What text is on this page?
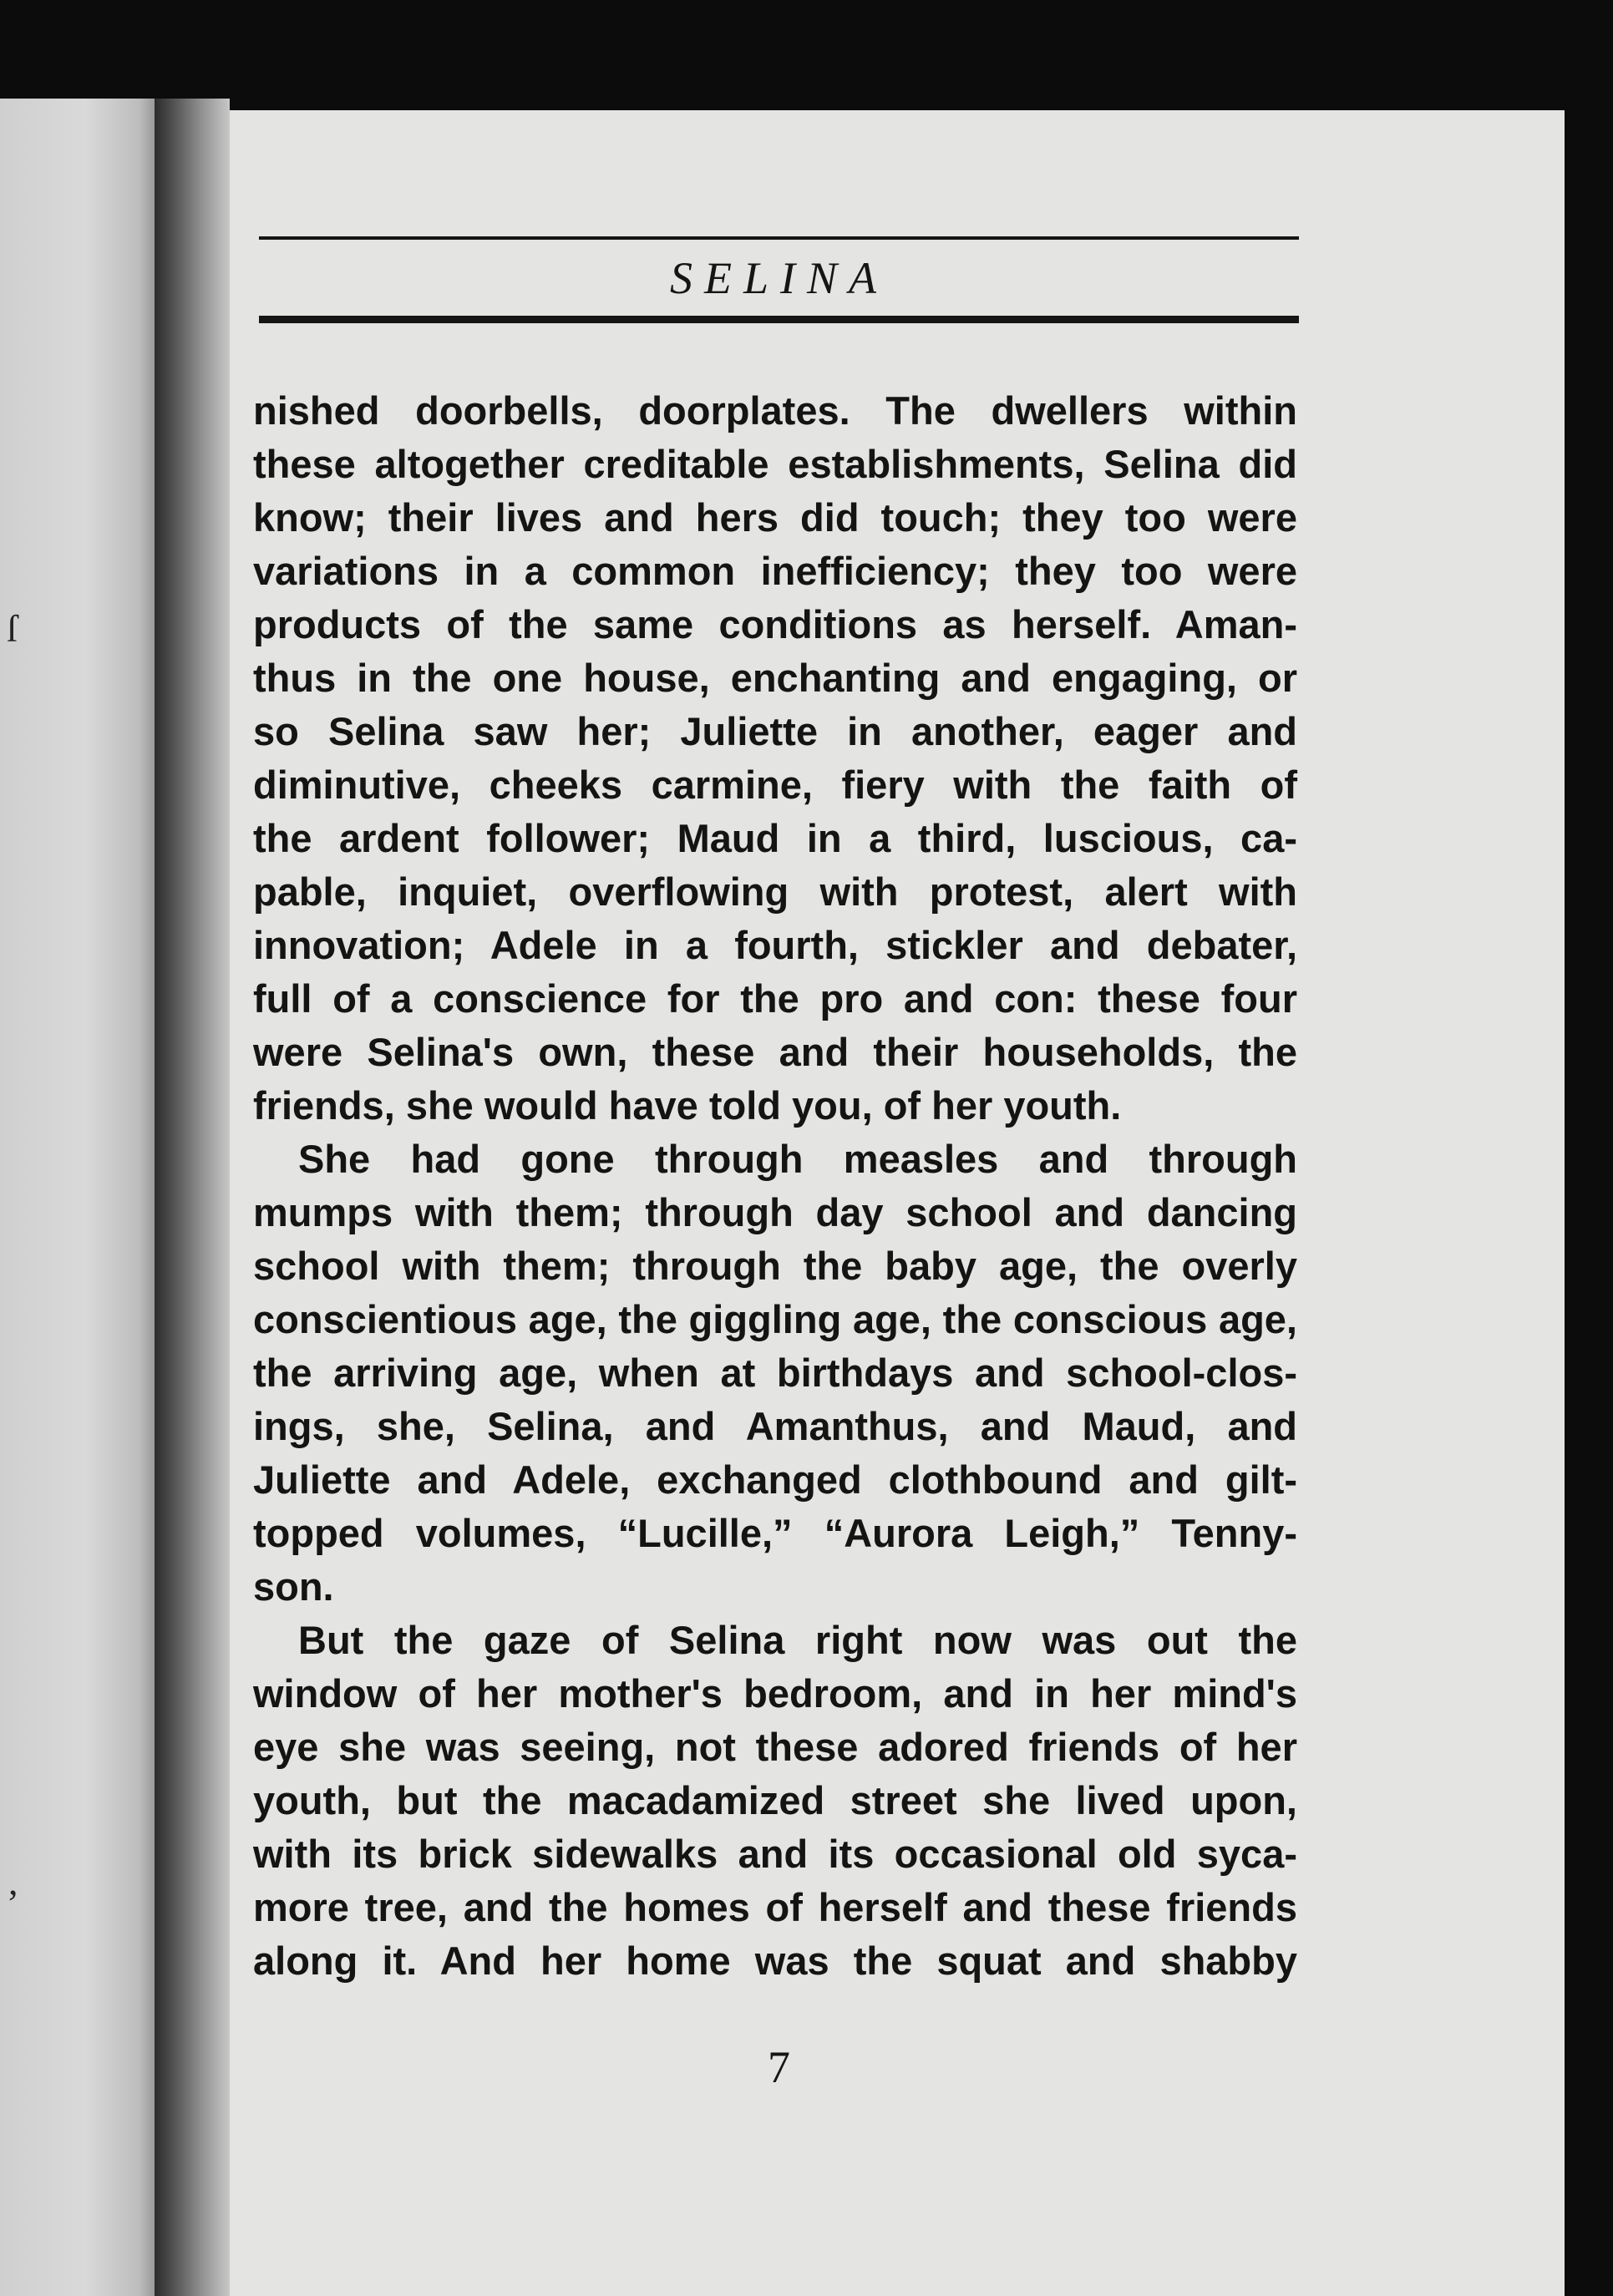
ſ
,
SELINA
nished doorbells, doorplates. The dwellers within
these altogether creditable establishments, Selina did
know; their lives and hers did touch; they too were
variations in a common inefficiency; they too were
products of the same conditions as herself. Aman-
thus in the one house, enchanting and engaging, or
so Selina saw her; Juliette in another, eager and
diminutive, cheeks carmine, fiery with the faith of
the ardent follower; Maud in a third, luscious, ca-
pable, inquiet, overflowing with protest, alert with
innovation; Adele in a fourth, stickler and debater,
full of a conscience for the pro and con: these four
were Selina's own, these and their households, the
friends, she would have told you, of her youth.
She had gone through measles and through
mumps with them; through day school and dancing
school with them; through the baby age, the overly
conscientious age, the giggling age, the conscious age,
the arriving age, when at birthdays and school-clos-
ings, she, Selina, and Amanthus, and Maud, and
Juliette and Adele, exchanged clothbound and gilt-
topped volumes, “Lucille,” “Aurora Leigh,” Tenny-
son.
But the gaze of Selina right now was out the
window of her mother's bedroom, and in her mind's
eye she was seeing, not these adored friends of her
youth, but the macadamized street she lived upon,
with its brick sidewalks and its occasional old syca-
more tree, and the homes of herself and these friends
along it. And her home was the squat and shabby
7
